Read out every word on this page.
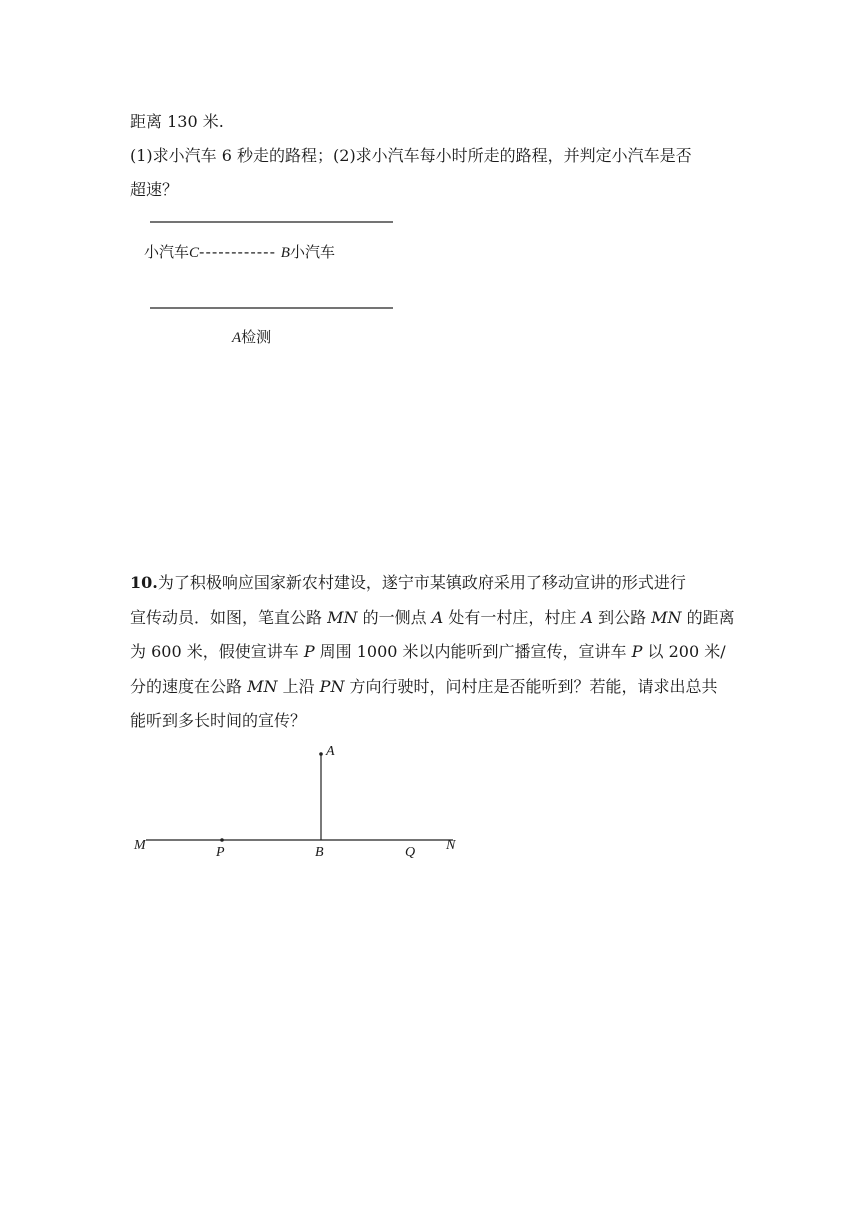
距离 130 米.
(1)求小汽车 6 秒走的路程；(2)求小汽车每小时所走的路程，并判定小汽车是否
超速？
小汽车C------------ B小汽车
A检测
10.为了积极响应国家新农村建设，遂宁市某镇政府采用了移动宣讲的形式进行
宣传动员．如图，笔直公路 MN 的一侧点 A 处有一村庄，村庄 A 到公路 MN 的距离
为 600 米，假使宣讲车 P 周围 1000 米以内能听到广播宣传，宣讲车 P 以 200 米/
分的速度在公路 MN 上沿 PN 方向行驶时，问村庄是否能听到？若能，请求出总共
能听到多长时间的宣传？
A
M	P	B	Q N
